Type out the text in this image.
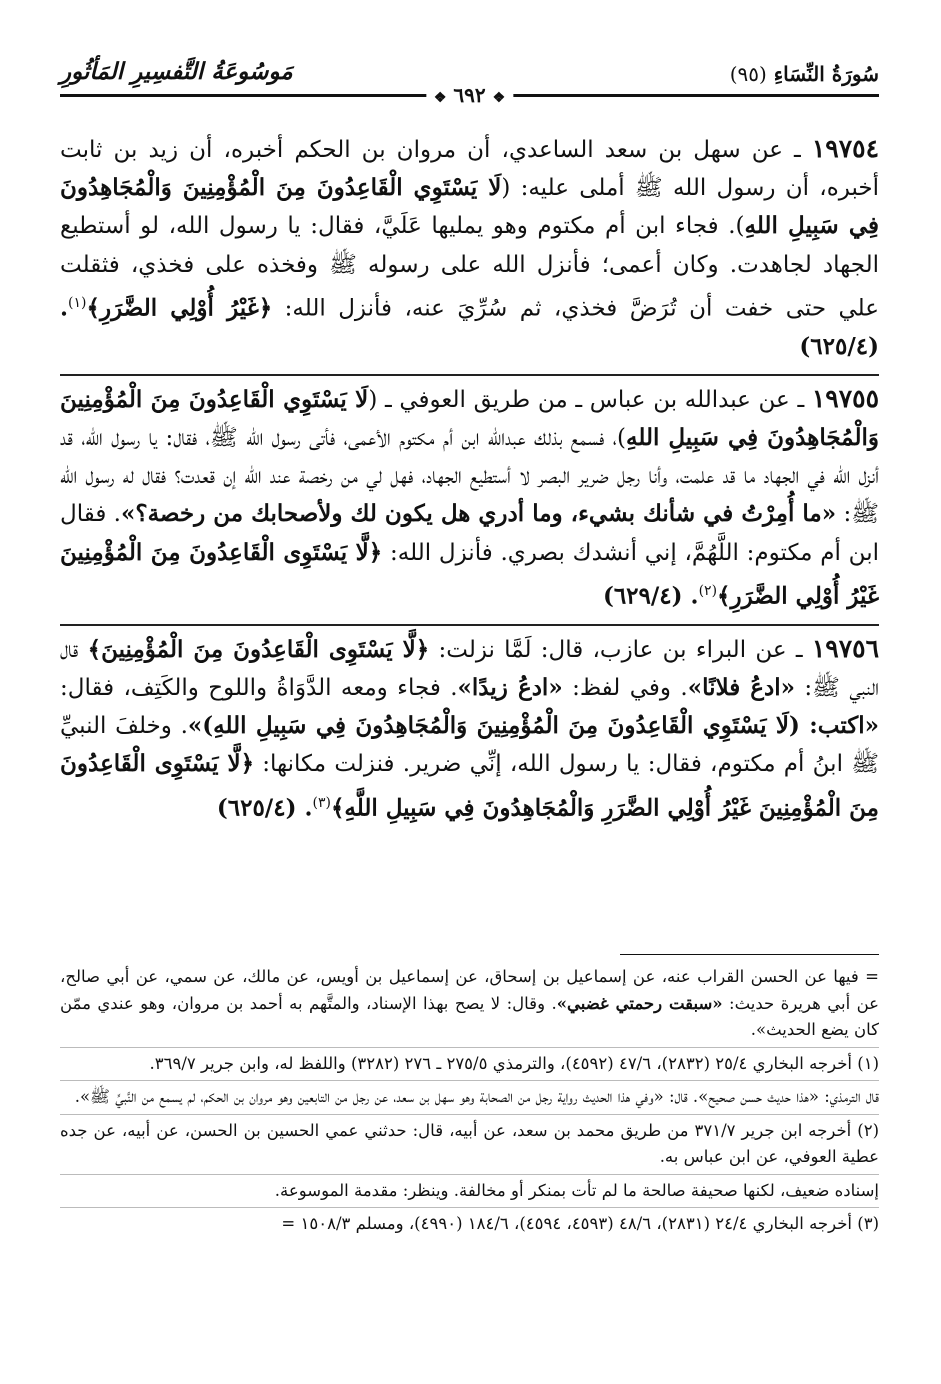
سُورَةُ النِّسَاءِ (٩٥)
مَوسُوعَةُ التَّفسِيرِ المَأثُورِ
❖ ٦٩٢ ❖

١٩٧٥٤ ـ عن سهل بن سعد الساعدي، أن مروان بن الحكم أخبره، أن زيد بن ثابت أخبره، أن رسول الله ﷺ أملى عليه: (لَا يَسْتَوِي الْقَاعِدُونَ مِنَ الْمُؤْمِنِينَ وَالْمُجَاهِدُونَ فِي سَبِيلِ اللهِ). فجاء ابن أم مكتوم وهو يمليها عَلَيَّ، فقال: يا رسول الله، لو أستطيع الجهاد لجاهدت. وكان أعمى؛ فأنزل الله على رسوله ﷺ وفخذه على فخذي، فثقلت علي حتى خفت أن تُرَضَّ فخذي، ثم سُرِّيَ عنه، فأنزل الله: ﴿غَيْرُ أُوْلِي الضَّرَرِ﴾$^{(١)}$. (٦٢٥/٤)

١٩٧٥٥ ـ عن عبدالله بن عباس ـ من طريق العوفي ـ (لَا يَسْتَوِي الْقَاعِدُونَ مِنَ الْمُؤْمِنِينَ وَالْمُجَاهِدُونَ فِي سَبِيلِ اللهِ)، فسمع بذلك عبدالله ابن أم مكتوم الأعمى، فأتى رسول الله ﷺ، فقال: يا رسول الله، قد أنزل الله في الجهاد ما قد علمت، وأنا رجل ضرير البصر لا أستطيع الجهاد، فهل لي من رخصة عند الله إن قعدت؟ فقال له رسول الله ﷺ: «ما أُمِرْتُ في شأنك بشيء، وما أدري هل يكون لك ولأصحابك من رخصة؟». فقال ابن أم مكتوم: اللَّهُمَّ، إني أنشدك بصري. فأنزل الله: ﴿لَّا يَسْتَوِى الْقَاعِدُونَ مِنَ الْمُؤْمِنِينَ غَيْرُ أُوْلِي الضَّرَرِ﴾$^{(٢)}$. (٦٢٩/٤)

١٩٧٥٦ ـ عن البراء بن عازب، قال: لَمَّا نزلت: ﴿لَّا يَسْتَوِى الْقَاعِدُونَ مِنَ الْمُؤْمِنِينَ﴾ قال النبي ﷺ: «ادعُ فلانًا». وفي لفظ: «ادعُ زيدًا». فجاء ومعه الدَّوَاةُ واللوح والكَتِف، فقال: «اكتب: (لَا يَسْتَوِي الْقَاعِدُونَ مِنَ الْمُؤْمِنِينَ وَالْمُجَاهِدُونَ فِي سَبِيلِ اللهِ)». وخلفَ النبيِّ ﷺ ابنُ أم مكتوم، فقال: يا رسول الله، إنِّي ضرير. فنزلت مكانها: ﴿لَّا يَسْتَوِى الْقَاعِدُونَ مِنَ الْمُؤْمِنِينَ غَيْرُ أُوْلِي الضَّرَرِ وَالْمُجَاهِدُونَ فِي سَبِيلِ اللَّهِ﴾$^{(٣)}$. (٦٢٥/٤)

= فيها عن الحسن القراب عنه، عن إسماعيل بن إسحاق، عن إسماعيل بن أويس، عن مالك، عن سمي، عن أبي صالح، عن أبي هريرة حديث: «سبقت رحمتي غضبي». وقال: لا يصح بهذا الإسناد، والمتَّهم به أحمد بن مروان، وهو عندي ممّن كان يضع الحديث».

(١) أخرجه البخاري ٢٥/٤ (٢٨٣٢)، ٤٧/٦ (٤٥٩٢)، والترمذي ٢٧٥/٥ ـ ٢٧٦ (٣٢٨٢) واللفظ له، وابن جرير ٣٦٩/٧.

قال الترمذي: «هذا حديث حسن صحيح». قال: «وفي هذا الحديث رواية رجل من الصحابة وهو سهل بن سعد، عن رجل من التابعين وهو مروان بن الحكم، لم يسمع من النَّبيِّ ﷺ».

(٢) أخرجه ابن جرير ٣٧١/٧ من طريق محمد بن سعد، عن أبيه، قال: حدثني عمي الحسين بن الحسن، عن أبيه، عن جده عطية العوفي، عن ابن عباس به.

إسناده ضعيف، لكنها صحيفة صالحة ما لم تأت بمنكر أو مخالفة. وينظر: مقدمة الموسوعة.

(٣) أخرجه البخاري ٢٤/٤ (٢٨٣١)، ٤٨/٦ (٤٥٩٣، ٤٥٩٤)، ١٨٤/٦ (٤٩٩٠)، ومسلم ١٥٠٨/٣ =
